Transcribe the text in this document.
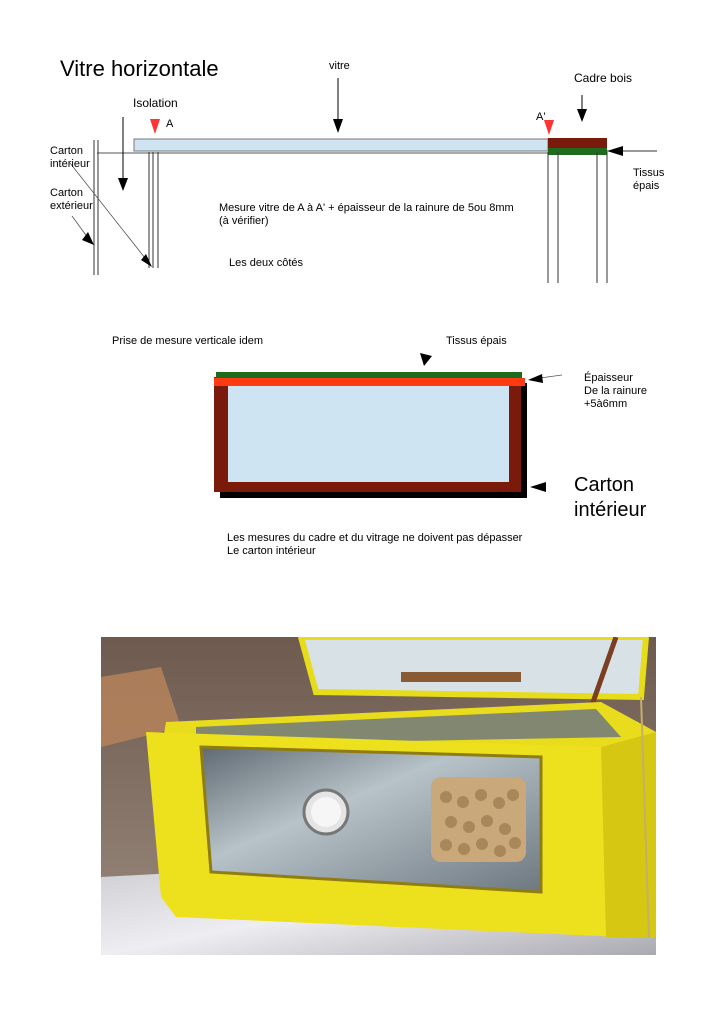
Vitre horizontale	vitre
Cadre bois
Isolation
A
A'
Carton
intérieur
Carton
extérieur
Tissus
épais
Mesure vitre de A à A' + épaisseur de la rainure de 5ou 8mm
(à vérifier)
Les deux côtés
Prise de mesure verticale idem	Tissus épais
Épaisseur
De la rainure
+5à6mm
Carton
intérieur
Les mesures du cadre et du vitrage ne doivent pas dépasser
Le carton intérieur
